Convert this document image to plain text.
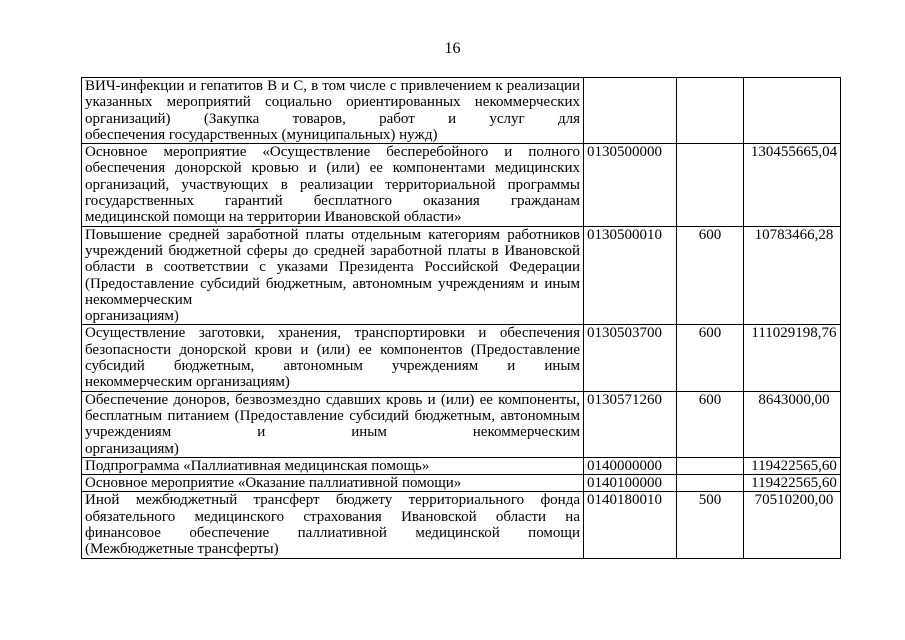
16
ВИЧ-инфекции и гепатитов В и С, в том числе с привлечением к реализации указанных мероприятий социально ориентированных некоммерческих организаций) (Закупка товаров, работ и услуг для
обеспечения государственных (муниципальных) нужд)			

Основное мероприятие «Осуществление бесперебойного и полного обеспечения донорской кровью и (или) ее компонентами медицинских организаций, участвующих в реализации территориальной программы государственных гарантий бесплатного оказания гражданам
медицинской помощи на территории Ивановской области»	0130500000		130455665,04
Повышение средней заработной платы отдельным категориям работников учреждений бюджетной сферы до средней заработной платы в Ивановской области в соответствии с указами Президента Российской Федерации (Предоставление субсидий бюджетным, автономным учреждениям и иным некоммерческим
организациям)	0130500010	600	10783466,28
Осуществление заготовки, хранения, транспортировки и обеспечения безопасности донорской крови и (или) ее компонентов (Предоставление субсидий бюджетным, автономным учреждениям и иным
некоммерческим организациям)	0130503700	600	111029198,76
Обеспечение доноров, безвозмездно сдавших кровь и (или) ее компоненты, бесплатным питанием (Предоставление субсидий бюджетным, автономным учреждениям и иным некоммерческим
организациям)	0130571260	600	8643000,00

Подпрограмма «Паллиативная медицинская помощь»	0140000000		119422565,60

Основное мероприятие «Оказание паллиативной помощи»	0140100000		119422565,60
Иной межбюджетный трансферт бюджету территориального фонда обязательного медицинского страхования Ивановской области на финансовое обеспечение паллиативной медицинской помощи
(Межбюджетные трансферты)	0140180010	500	70510200,00
